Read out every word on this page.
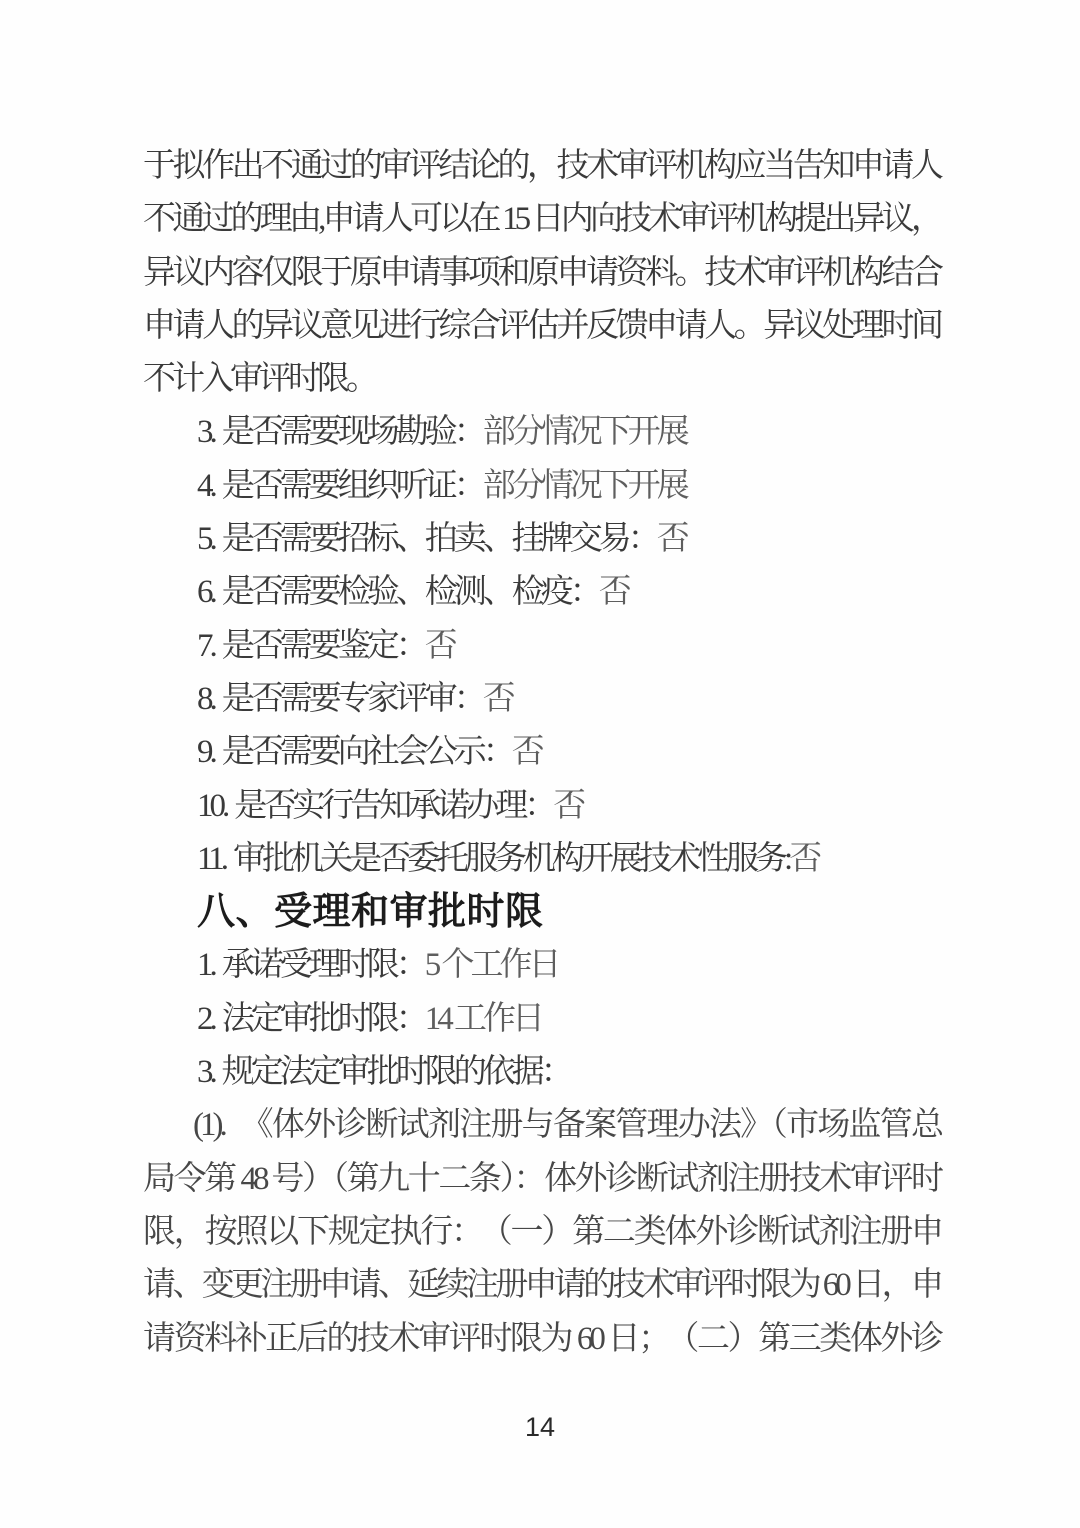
于拟作出不通过的审评结论的，技术审评机构应当告知申请人
不通过的理由,申请人可以在 15 日内向技术审评机构提出异议，
异议内容仅限于原申请事项和原申请资料。技术审评机构结合
申请人的异议意见进行综合评估并反馈申请人。异议处理时间
不计入审评时限。
3. 是否需要现场勘验：部分情况下开展
4. 是否需要组织听证：部分情况下开展
5. 是否需要招标、拍卖、挂牌交易：否
6. 是否需要检验、检测、检疫：否
7. 是否需要鉴定：否
8. 是否需要专家评审：否
9. 是否需要向社会公示：否
10. 是否实行告知承诺办理：否
11. 审批机关是否委托服务机构开展技术性服务:否
八、受理和审批时限
1. 承诺受理时限：5 个工作日
2. 法定审批时限：14 工作日
3. 规定法定审批时限的依据：
(1).　《体外诊断试剂注册与备案管理办法》（市场监管总
局令第 48 号）（第九十二条）：体外诊断试剂注册技术审评时
限，按照以下规定执行：　（一）第二类体外诊断试剂注册申
请、变更注册申请、延续注册申请的技术审评时限为 60 日，申
请资料补正后的技术审评时限为 60 日；　（二）第三类体外诊
14
